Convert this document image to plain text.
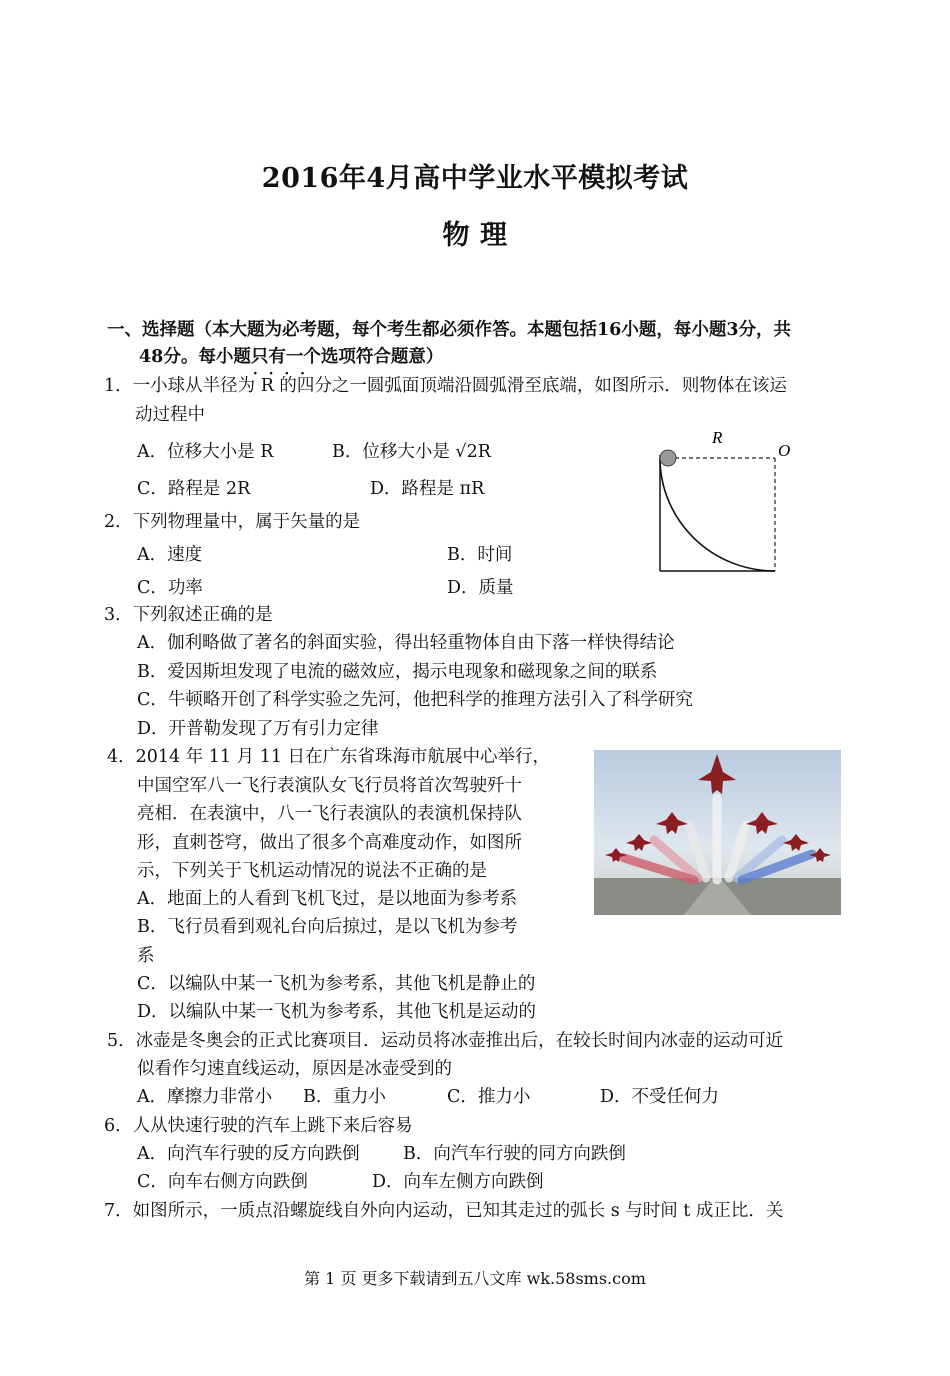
2016年4月高中学业水平模拟考试
物 理
一、选择题（本大题为必考题，每个考生都必须作答。本题包括16小题，每小题3分，共
48分。每小题只有一个 · · · ·选项符合题意）
1．一小球从半径为 R 的四分之一圆弧面顶端沿圆弧滑至底端，如图所示．则物体在该运
动过程中
A．位移大小是 R	B．位移大小是 √2R
C．路程是 2R	D．路程是 πR
R
O
2．下列物理量中，属于矢量的是
A．速度	B．时间
C．功率	D．质量
3．下列叙述正确的是
A．伽利略做了著名的斜面实验，得出轻重物体自由下落一样快得结论
B．爱因斯坦发现了电流的磁效应，揭示电现象和磁现象之间的联系
C．牛顿略开创了科学实验之先河，他把科学的推理方法引入了科学研究
D．开普勒发现了万有引力定律
4．2014 年 11 月 11 日在广东省珠海市航展中心举行，
中国空军八一飞行表演队女飞行员将首次驾驶歼十
亮相．在表演中，八一飞行表演队的表演机保持队
形，直刺苍穹，做出了很多个高难度动作，如图所
示，下列关于飞机运动情况的说法不正确的是
A．地面上的人看到飞机飞过，是以地面为参考系
B．飞行员看到观礼台向后掠过，是以飞机为参考
系
C．以编队中某一飞机为参考系，其他飞机是静止的
D．以编队中某一飞机为参考系，其他飞机是运动的
5．冰壶是冬奥会的正式比赛项目．运动员将冰壶推出后，在较长时间内冰壶的运动可近
似看作匀速直线运动，原因是冰壶受到的
A．摩擦力非常小 B．重力小	C．推力小	D．不受任何力
6．人从快速行驶的汽车上跳下来后容易
A．向汽车行驶的反方向跌倒 B．向汽车行驶的同方向跌倒
C．向车右侧方向跌倒	D．向车左侧方向跌倒
7．如图所示，一质点沿螺旋线自外向内运动，已知其走过的弧长 s 与时间 t 成正比．关
第 1 页 更多下载请到五八文库 wk.58sms.com
